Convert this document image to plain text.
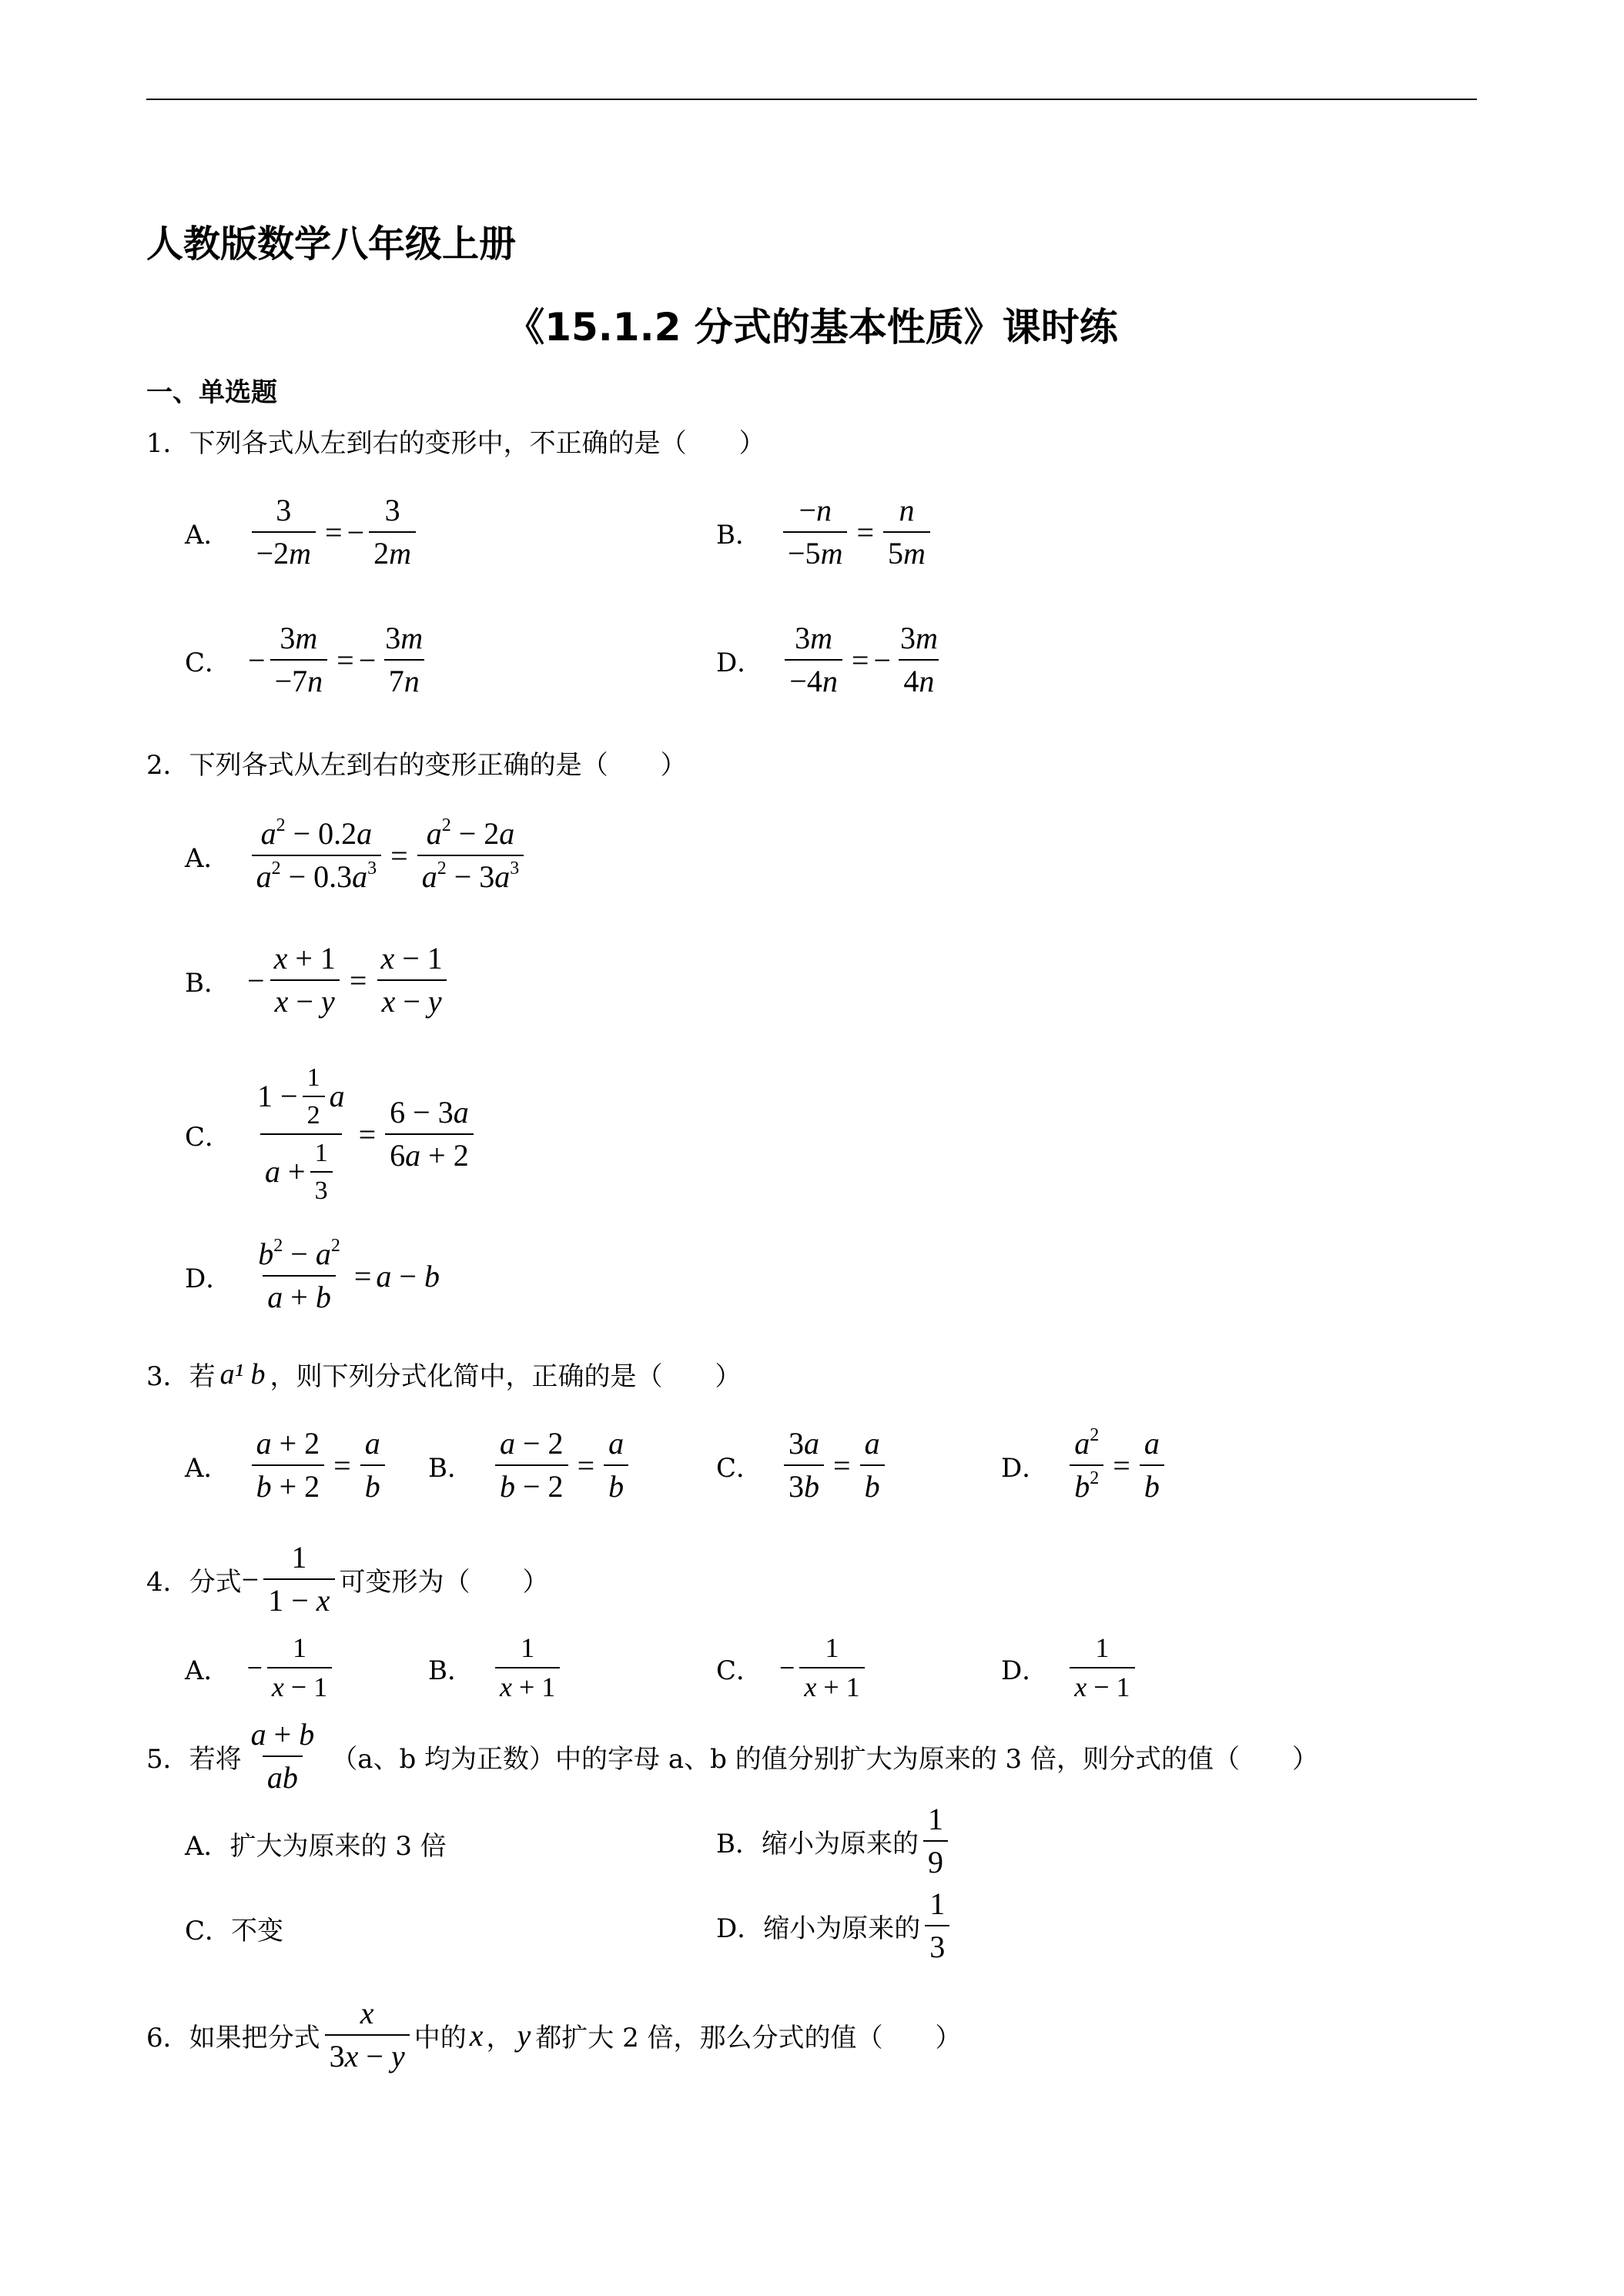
人教版数学八年级上册
《15.1.2 分式的基本性质》课时练
一、单选题
1．下列各式从左到右的变形中，不正确的是（　　）
A． $\frac{3}{-2m}$ = − $\frac{3}{2m}$	B． $\frac{-n}{-5m} = \frac{n}{5m}$
C． − $\frac{3m}{-7n}$ = − $\frac{3m}{7n}$	D． $\frac{3m}{-4n}$ = − $\frac{3m}{4n}$
2．下列各式从左到右的变形正确的是（　　）
A． $\frac{a^2 - 0.2a}{a^2 - 0.3a^3} = \frac{a^2 - 2a}{a^2 - 3a^3}$
B． − $\frac{x + 1}{x - y} = \frac{x - 1}{x - y}$
C． $\frac{1 - \frac{1}{2} a}{a + \frac{1}{3}} = \frac{6 - 3a}{6a + 2}$
D． $\frac{b^2 - a^2}{a + b} = a - b$
3．若 a¹ b ，则下列分式化简中，正确的是（　　）
A． $\frac{a + 2}{b + 2} = \frac{a}{b}$ B． $\frac{a - 2}{b - 2} = \frac{a}{b}$	C． $\frac{3a}{3b} = \frac{a}{b}$	D． $\frac{a^2}{b^2} = \frac{a}{b}$
4．分式 − $\frac{1}{1 - x}$ 可变形为（　　）
A． − $\frac{1}{x - 1}$	B． $\frac{1}{x + 1}$	C． − $\frac{1}{x + 1}$	D． $\frac{1}{x - 1}$
5．若将 $\frac{a + b}{ab} (a$、b 均为正数）中的字母 a、b 的值分别扩大为原来的 3 倍，则分式的值（　　）
A．扩大为原来的 3 倍	B．缩小为原来的 $\frac{1}{9}$
C．不变	D．缩小为原来的 $\frac{1}{3}$
6．如果把分式 $\frac{x}{3x - y}$ 中的 x ， y 都扩大 2 倍，那么分式的值（　　）
